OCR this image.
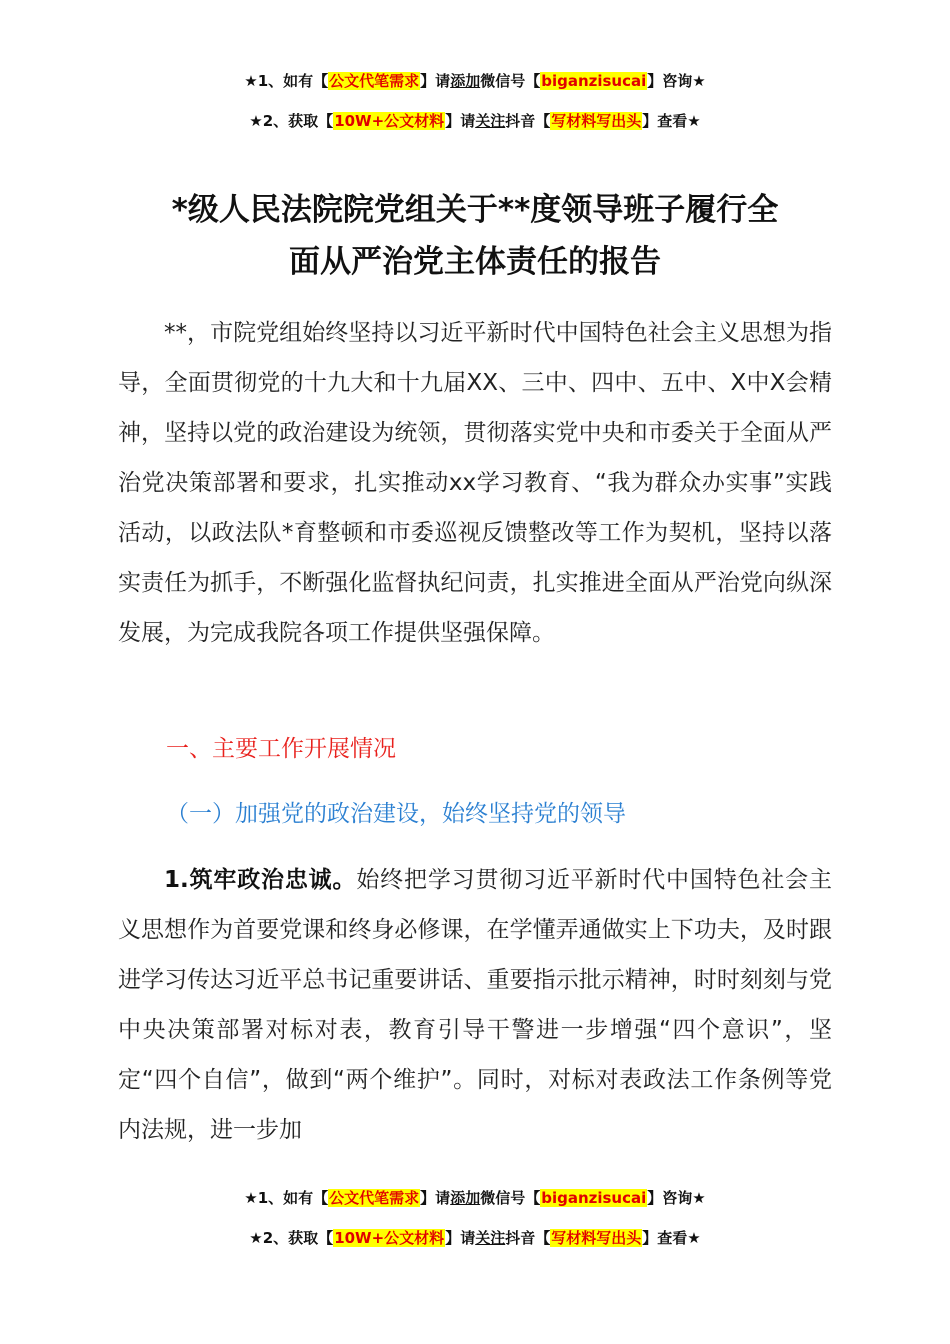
★1、如有【公文代笔需求】请添加微信号【biganzisucai】咨询★
★2、获取【10W+公文材料】请关注抖音【写材料写出头】查看★
*级人民法院院党组关于**度领导班子履行全
面从严治党主体责任的报告

**，市院党组始终坚持以习近平新时代中国特色社会主义思想为指导，全面贯彻党的十九大和十九届XX、三中、四中、五中、X中X会精神，坚持以党的政治建设为统领，贯彻落实党中央和市委关于全面从严治党决策部署和要求，扎实推动xx学习教育、“我为群众办实事”实践活动，以政法队*育整顿和市委巡视反馈整改等工作为契机，坚持以落实责任为抓手，不断强化监督执纪问责，扎实推进全面从严治党向纵深发展，为完成我院各项工作提供坚强保障。

一、主要工作开展情况
（一）加强党的政治建设，始终坚持党的领导

1.筑牢政治忠诚。始终把学习贯彻习近平新时代中国特色社会主义思想作为首要党课和终身必修课，在学懂弄通做实上下功夫，及时跟进学习传达习近平总书记重要讲话、重要指示批示精神，时时刻刻与党中央决策部署对标对表，教育引导干警进一步增强“四个意识”，坚定“四个自信”，做到“两个维护”。同时，对标对表政法工作条例等党内法规，进一步加

★1、如有【公文代笔需求】请添加微信号【biganzisucai】咨询★
★2、获取【10W+公文材料】请关注抖音【写材料写出头】查看★
